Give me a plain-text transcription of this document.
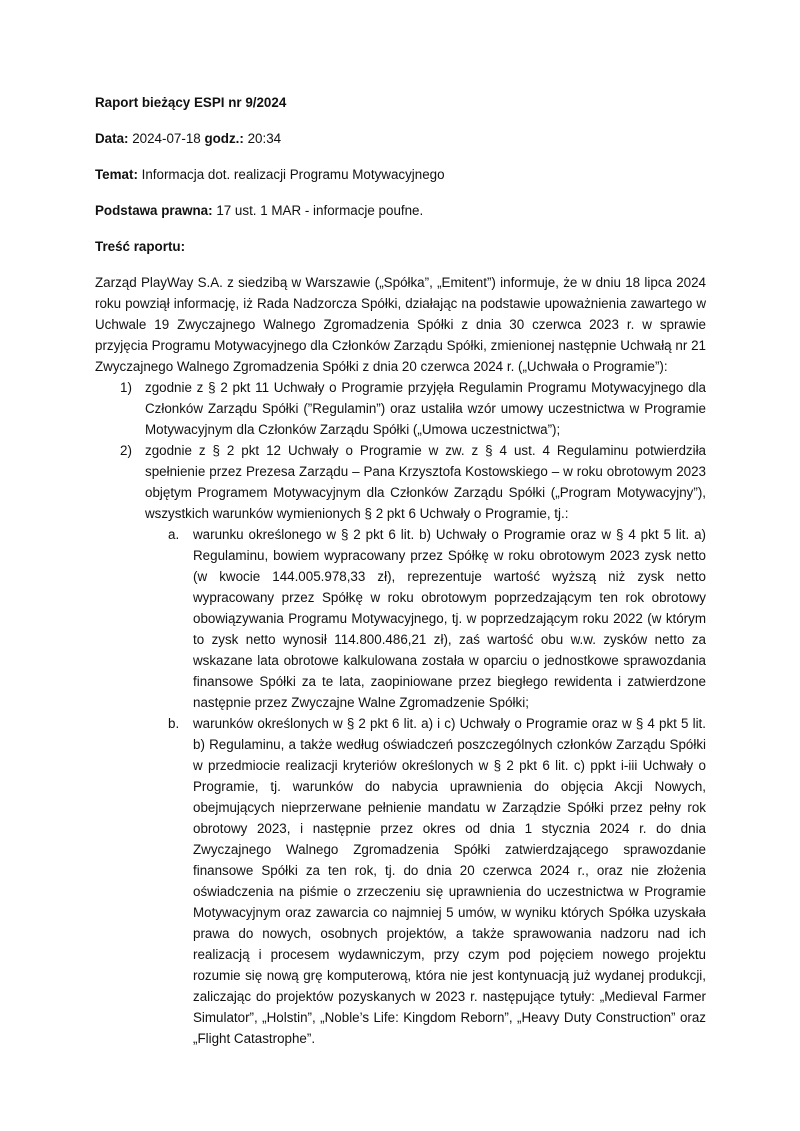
Raport bieżący ESPI nr 9/2024

Data: 2024-07-18 godz.: 20:34

Temat: Informacja dot. realizacji Programu Motywacyjnego

Podstawa prawna: 17 ust. 1 MAR - informacje poufne.

Treść raportu:

Zarząd PlayWay S.A. z siedzibą w Warszawie („Spółka”, „Emitent”) informuje, że w dniu 18 lipca 2024 roku powziął informację, iż Rada Nadzorcza Spółki, działając na podstawie upoważnienia zawartego w Uchwale 19 Zwyczajnego Walnego Zgromadzenia Spółki z dnia 30 czerwca 2023 r. w sprawie przyjęcia Programu Motywacyjnego dla Członków Zarządu Spółki, zmienionej następnie Uchwałą nr 21 Zwyczajnego Walnego Zgromadzenia Spółki z dnia 20 czerwca 2024 r. („Uchwała o Programie”):

1) zgodnie z § 2 pkt 11 Uchwały o Programie przyjęła Regulamin Programu Motywacyjnego dla Członków Zarządu Spółki (”Regulamin”) oraz ustaliła wzór umowy uczestnictwa w Programie Motywacyjnym dla Członków Zarządu Spółki („Umowa uczestnictwa”);
2) zgodnie z § 2 pkt 12 Uchwały o Programie w zw. z § 4 ust. 4 Regulaminu potwierdziła spełnienie przez Prezesa Zarządu – Pana Krzysztofa Kostowskiego – w roku obrotowym 2023 objętym Programem Motywacyjnym dla Członków Zarządu Spółki („Program Motywacyjny”), wszystkich warunków wymienionych § 2 pkt 6 Uchwały o Programie, tj.:
a.	warunku określonego w § 2 pkt 6 lit. b) Uchwały o Programie oraz w § 4 pkt 5 lit. a) Regulaminu, bowiem wypracowany przez Spółkę w roku obrotowym 2023 zysk netto (w kwocie 144.005.978,33 zł), reprezentuje wartość wyższą niż zysk netto wypracowany przez Spółkę w roku obrotowym poprzedzającym ten rok obrotowy obowiązywania Programu Motywacyjnego, tj. w poprzedzającym roku 2022 (w którym to zysk netto wynosił 114.800.486,21 zł), zaś wartość obu w.w. zysków netto za wskazane lata obrotowe kalkulowana została w oparciu o jednostkowe sprawozdania finansowe Spółki za te lata, zaopiniowane przez biegłego rewidenta i zatwierdzone następnie przez Zwyczajne Walne Zgromadzenie Spółki;
b.	warunków określonych w § 2 pkt 6 lit. a) i c) Uchwały o Programie oraz w § 4 pkt 5 lit. b) Regulaminu, a także według oświadczeń poszczególnych członków Zarządu Spółki w przedmiocie realizacji kryteriów określonych w § 2 pkt 6 lit. c) ppkt i-iii Uchwały o Programie, tj. warunków do nabycia uprawnienia do objęcia Akcji Nowych, obejmujących nieprzerwane pełnienie mandatu w Zarządzie Spółki przez pełny rok obrotowy 2023, i następnie przez okres od dnia 1 stycznia 2024 r. do dnia Zwyczajnego Walnego Zgromadzenia Spółki zatwierdzającego sprawozdanie finansowe Spółki za ten rok, tj. do dnia 20 czerwca 2024 r., oraz nie złożenia oświadczenia na piśmie o zrzeczeniu się uprawnienia do uczestnictwa w Programie Motywacyjnym oraz zawarcia co najmniej 5 umów, w wyniku których Spółka uzyskała prawa do nowych, osobnych projektów, a także sprawowania nadzoru nad ich realizacją i procesem wydawniczym, przy czym pod pojęciem nowego projektu rozumie się nową grę komputerową, która nie jest kontynuacją już wydanej produkcji, zaliczając do projektów pozyskanych w 2023 r. następujące tytuły: „Medieval Farmer Simulator”, „Holstin”, „Noble’s Life: Kingdom Reborn”, „Heavy Duty Construction” oraz „Flight Catastrophe”.
